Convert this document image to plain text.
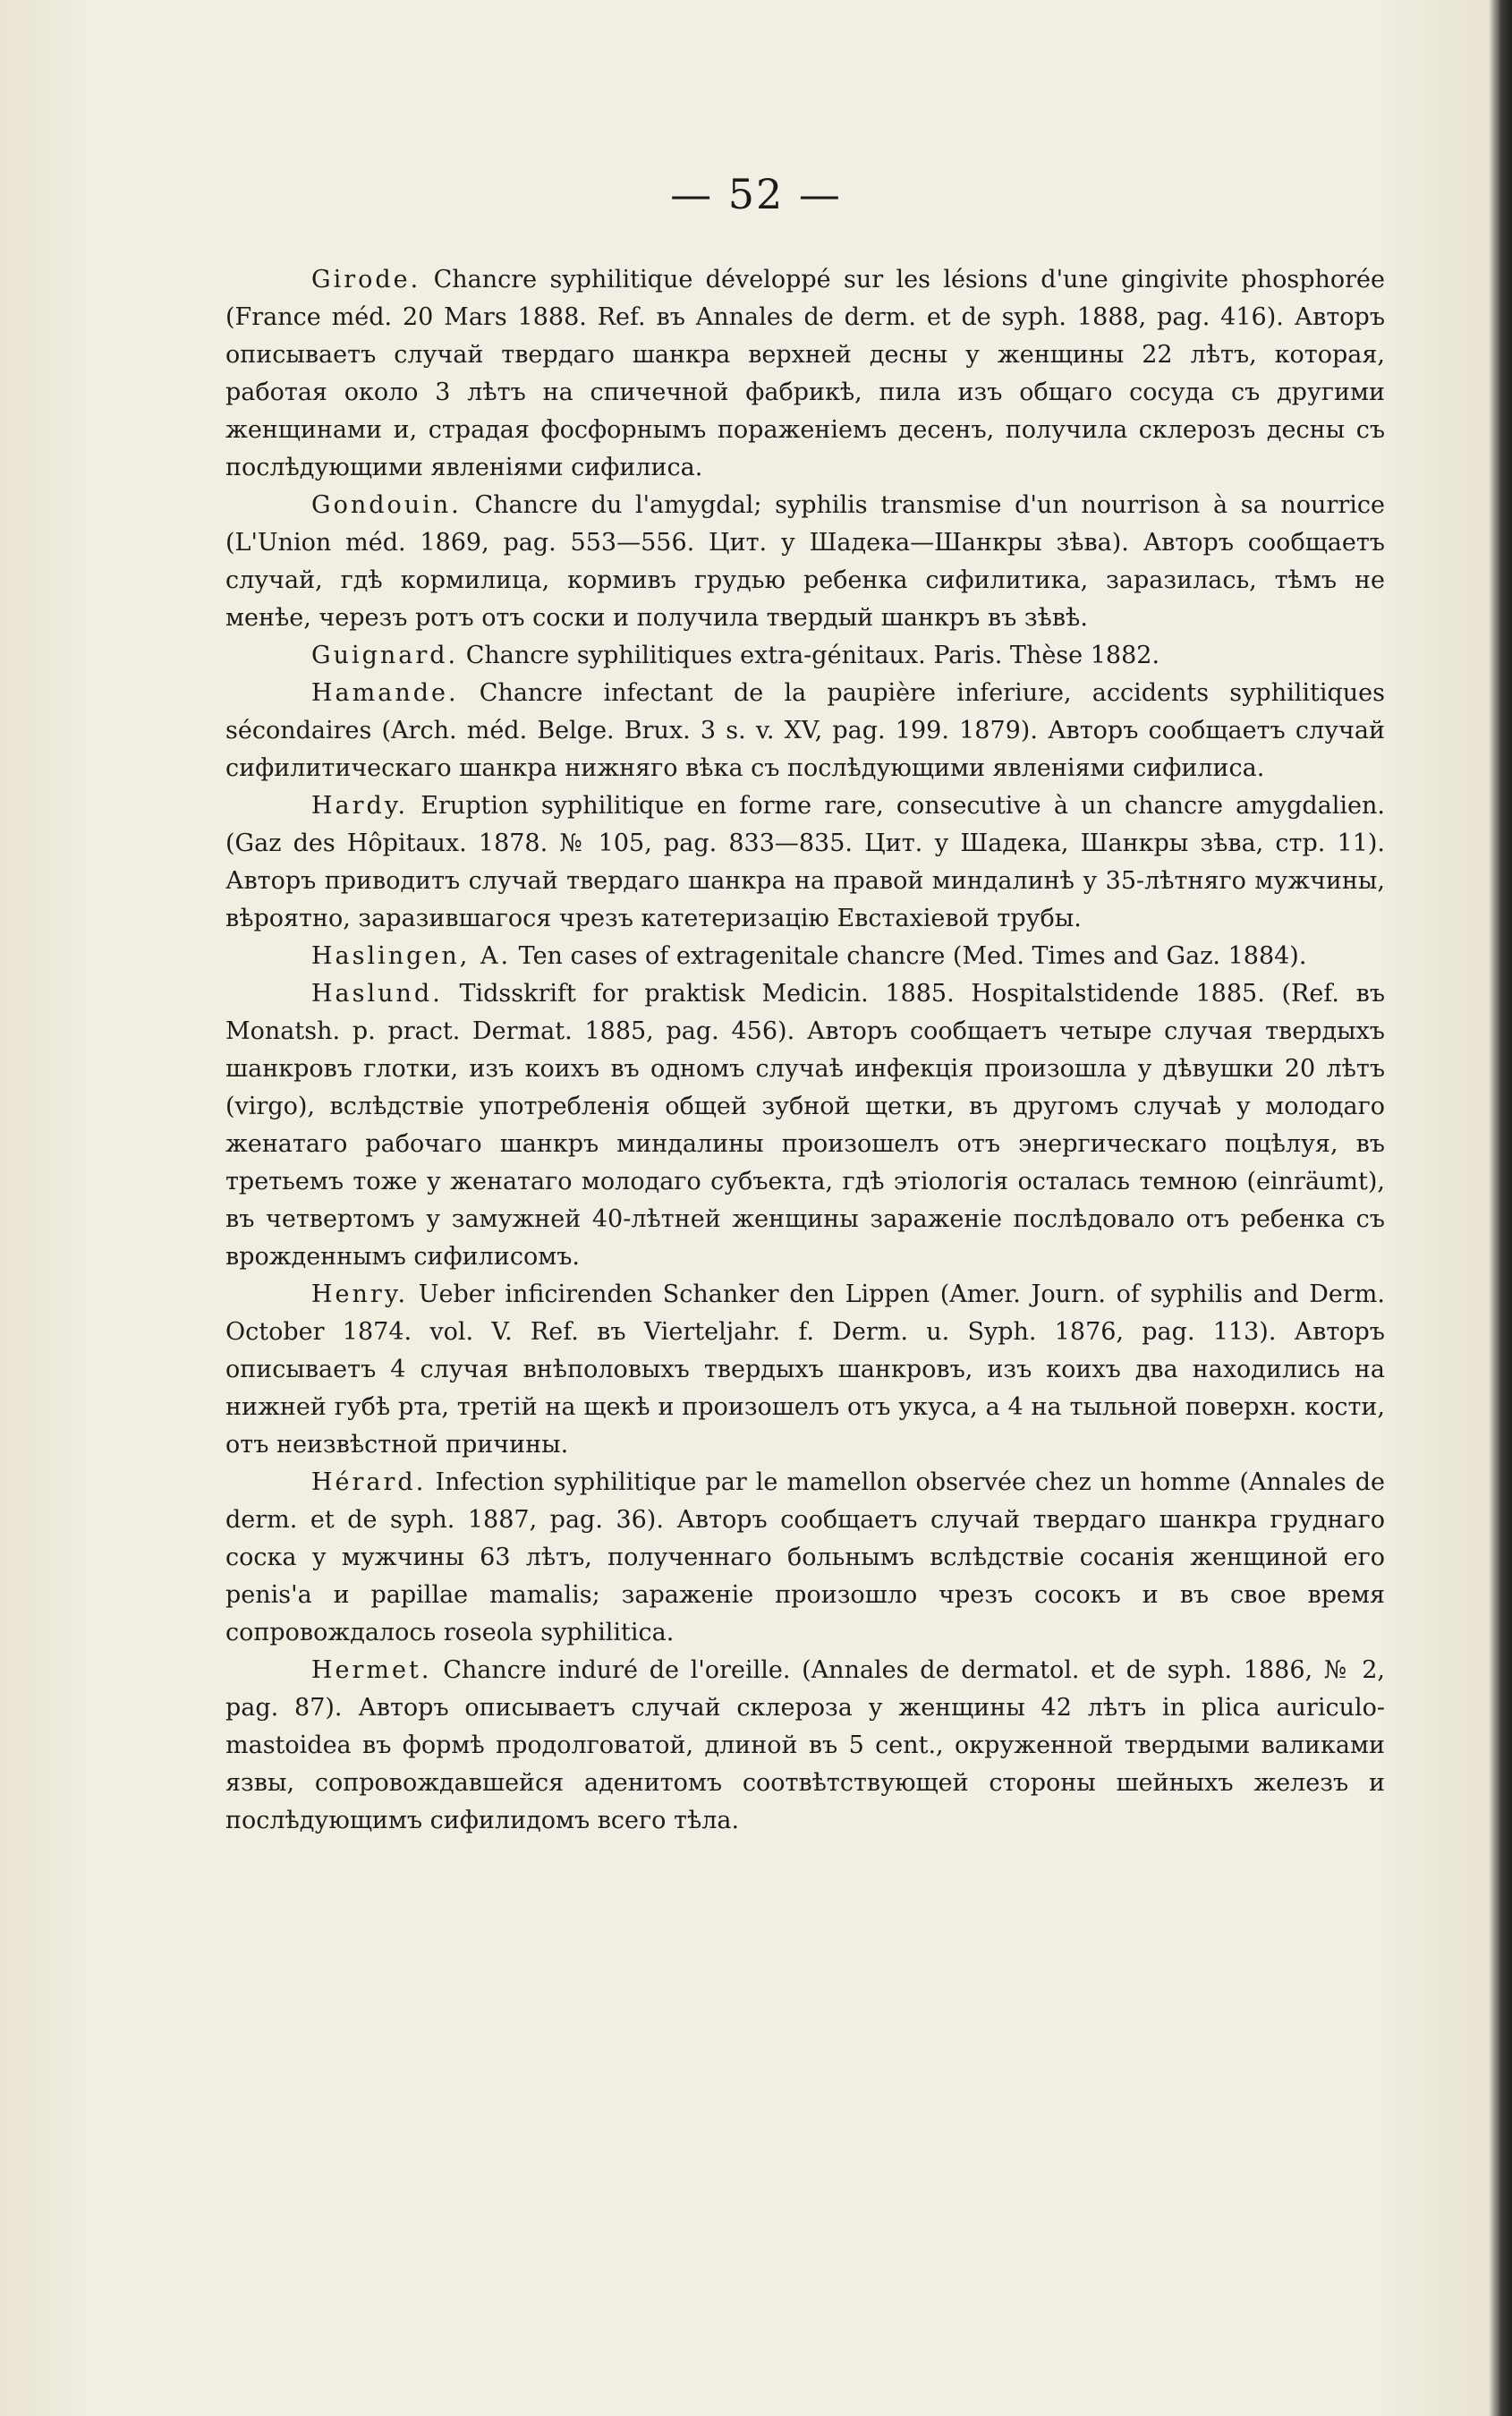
— 52 —

Girode. Chancre syphilitique dévеloppé sur les lésions d'une gingivite phosphorée (France méd. 20 Mars 1888. Ref. въ Annales de derm. et de syph. 1888, pag. 416). Авторъ описываетъ случай твердаго шанкра верхней десны у женщины 22 лѣтъ, которая, работая около 3 лѣтъ на спичечной фабрикѣ, пила изъ общаго сосуда съ другими женщинами и, страдая фосфорнымъ пораженіемъ десенъ, получила склерозъ десны съ послѣдующими явленіями сифилиса.

Gondouin. Chancre du l'amygdal; syphilis transmise d'un nourrison à sa nourrice (L'Union méd. 1869, pag. 553—556. Цит. у Шадека—Шанкры зѣва). Авторъ сообщаетъ случай, гдѣ кормилица, кормивъ грудью ребенка сифилитика, заразилась, тѣмъ не менѣе, черезъ ротъ отъ соски и получила твердый шанкръ въ зѣвѣ.

Guignard. Chancre syphilitiques extra-génitaux. Paris. Thèse 1882.

Hamande. Chancre infectant de la paupière inferiure, accidents syphilitiques sécondaires (Arch. méd. Belge. Brux. 3 s. v. XV, pag. 199. 1879). Авторъ сообщаетъ случай сифилитическаго шанкра нижняго вѣка съ послѣдующими явленіями сифилиса.

Hardy. Eruption syphilitique en forme rare, consecutive à un chancre amygdalien. (Gaz des Hôpitaux. 1878. № 105, pag. 833—835. Цит. у Шадека, Шанкры зѣва, стр. 11). Авторъ приводитъ случай твердаго шанкра на правой миндалинѣ у 35-лѣтняго мужчины, вѣроятно, заразившагося чрезъ катетеризацію Евстахіевой трубы.

Haslingen, A. Ten cases of extragenitale chancre (Med. Times and Gaz. 1884).

Haslund. Tidsskrift for praktisk Medicin. 1885. Hospitalstidende 1885. (Ref. въ Monatsh. p. pract. Dermat. 1885, pag. 456). Авторъ сообщаетъ четыре случая твердыхъ шанкровъ глотки, изъ коихъ въ одномъ случаѣ инфекція произошла у дѣвушки 20 лѣтъ (virgo), вслѣдствіе употребленія общей зубной щетки, въ другомъ случаѣ у молодаго женатаго рабочаго шанкръ миндалины произошелъ отъ энергическаго поцѣлуя, въ третьемъ тоже у женатаго молодаго субъекта, гдѣ этіологія осталась темною (einräumt), въ четвертомъ у замужней 40-лѣтней женщины зараженіе послѣдовало отъ ребенка съ врожденнымъ сифилисомъ.

Henry. Ueber inficirenden Schanker den Lippen (Amer. Journ. of syphilis and Derm. October 1874. vol. V. Ref. въ Vierteljahr. f. Derm. u. Syph. 1876, pag. 113). Авторъ описываетъ 4 случая внѣполовыхъ твердыхъ шанкровъ, изъ коихъ два находились на нижней губѣ рта, третій на щекѣ и произошелъ отъ укуса, а 4 на тыльной поверхн. кости, отъ неизвѣстной причины.

Hérard. Infection syphilitique par le mamellon observée chez un homme (Annales de derm. et de syph. 1887, pag. 36). Авторъ сообщаетъ случай твердаго шанкра груднаго соска у мужчины 63 лѣтъ, полученнаго больнымъ вслѣдствіе сосанія женщиной его penis'a и papillae mamalis; зараженіе произошло чрезъ сосокъ и въ свое время сопровождалось roseola syphilitica.

Hermet. Chancre induré de l'oreille. (Annales de dermatol. et de syph. 1886, № 2, pag. 87). Авторъ описываетъ случай склероза у женщины 42 лѣтъ in plica auriculo-mastoidea въ формѣ продолговатой, длиной въ 5 cent., окруженной твердыми валиками язвы, сопровождавшейся аденитомъ соотвѣтствующей стороны шейныхъ железъ и послѣдующимъ сифилидомъ всего тѣла.
